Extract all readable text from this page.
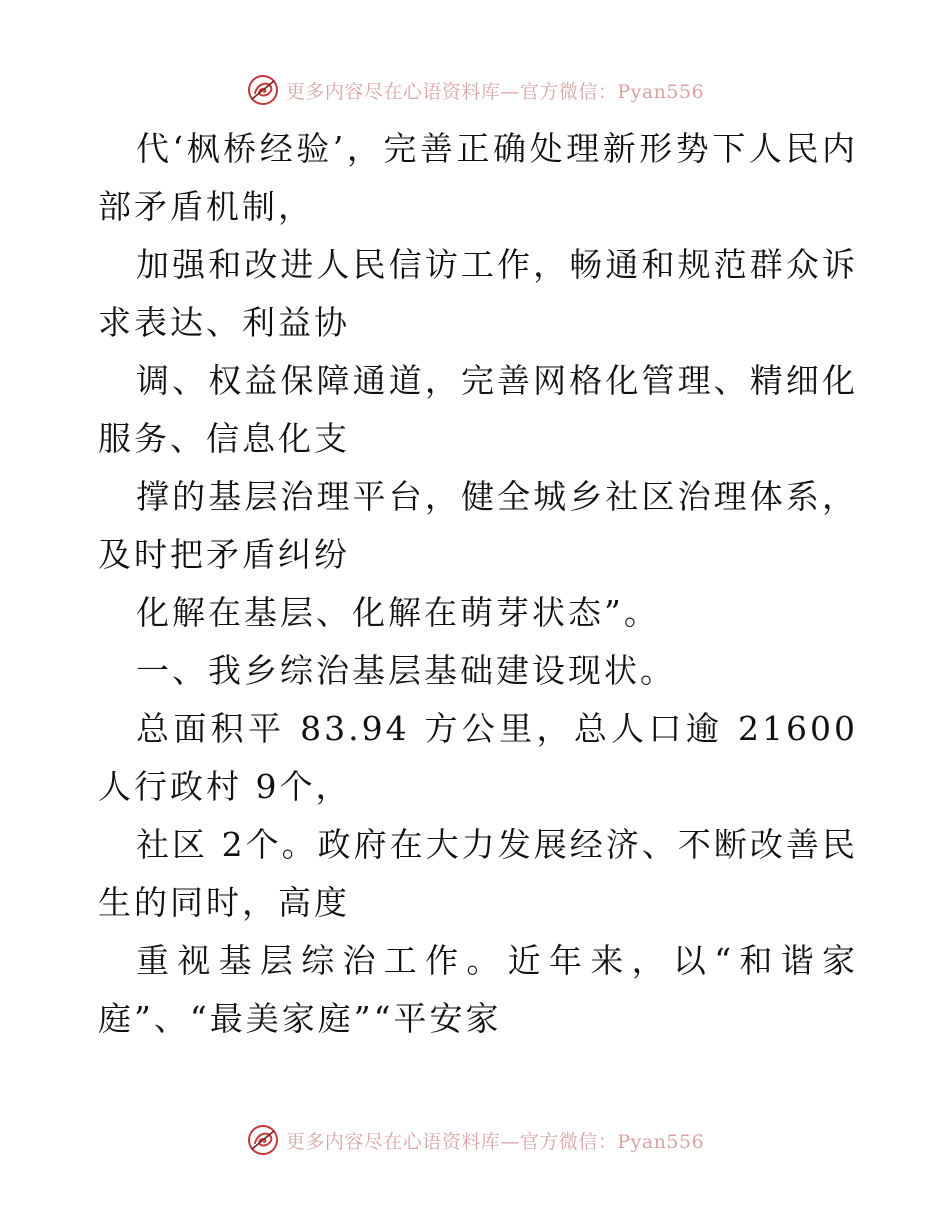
更多内容尽在心语资料库—官方微信：Pyan556

代‘枫桥经验’，完善正确处理新形势下人民内部矛盾机制，

加强和改进人民信访工作，畅通和规范群众诉求表达、利益协

调、权益保障通道，完善网格化管理、精细化服务、信息化支

撑的基层治理平台，健全城乡社区治理体系，及时把矛盾纠纷

化解在基层、化解在萌芽状态”。

一、我乡综治基层基础建设现状。

总面积平 83.94 方公里，总人口逾 21600 人行政村 9个，

社区 2个。政府在大力发展经济、不断改善民生的同时，高度

重视基层综治工作。近年来，以“和谐家庭”、“最美家庭”“平安家

更多内容尽在心语资料库—官方微信：Pyan556
